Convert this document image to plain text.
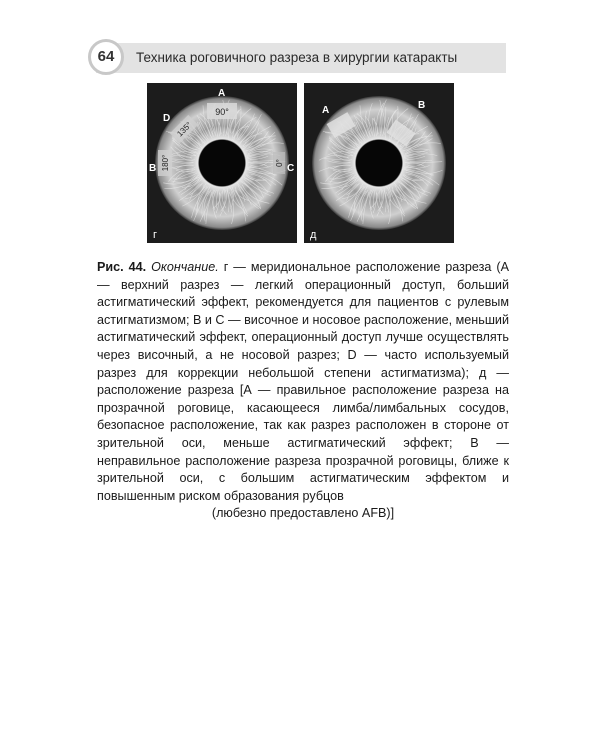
64	Техника роговичного разреза в хирургии катаракты
90°
135°
180°	0°
A
D
B	C
г
A	B
д
Рис. 44. Окончание. г — меридиональное расположение разреза (А — верхний разрез — легкий операционный доступ, больший астигматический эффект, рекомендуется для пациентов с рулевым астигматизмом; B и C — височное и носовое расположение, меньший астигматический эффект, операционный доступ лучше осуществлять через височный, а не носовой разрез; D — часто используемый разрез для коррекции небольшой степени астигматизма); д — расположение разреза [А — правильное расположение разреза на прозрачной роговице, касающееся лимба/лимбальных сосудов, безопасное расположение, так как разрез расположен в стороне от зрительной оси, меньше астигматический эффект; В — неправильное расположение разреза прозрачной роговицы, ближе к зрительной оси, с большим астигматическим эффектом и повышенным риском образования рубцов
(любезно предоставлено AFB)]
